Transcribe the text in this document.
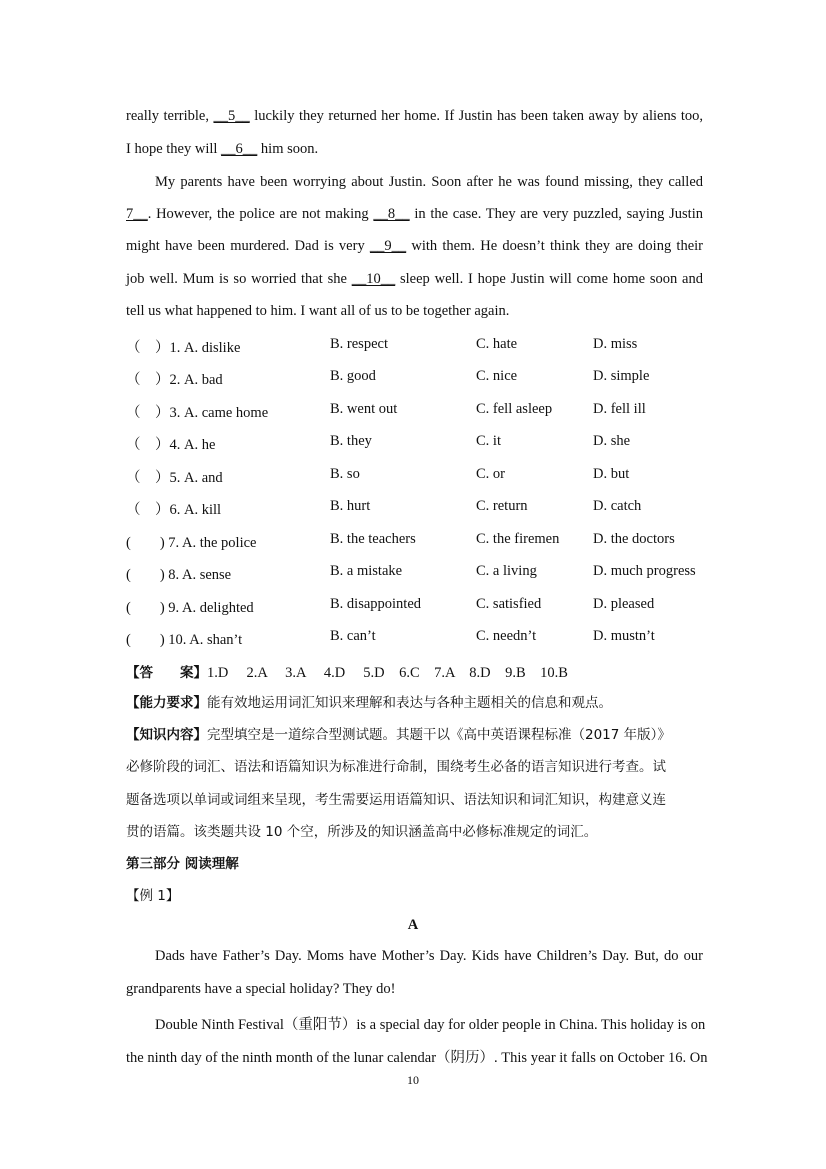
really terrible, __5__ luckily they returned her home. If Justin has been taken away by aliens too,
I hope they will __6__ him soon.
My parents have been worrying about Justin. Soon after he was found missing, they called
7__. However, the police are not making __8__ in the case. They are very puzzled, saying Justin
might have been murdered. Dad is very __9__ with them. He doesn’t think they are doing their
job well. Mum is so worried that she __10__ sleep well. I hope Justin will come home soon and
tell us what happened to him. I want all of us to be together again.
（　）1. A. dislike	B. respect	C. hate	D. miss
（　）2. A. bad	B. good	C. nice	D. simple
（　）3. A. came home	B. went out	C. fell asleep	D. fell ill
（　）4. A. he	B. they	C. it	D. she
（　）5. A. and	B. so	C. or	D. but
（　）6. A. kill	B. hurt	C. return	D. catch
(　　) 7. A. the police	B. the teachers	C. the firemen D. the doctors
(　　) 8. A. sense	B. a mistake	C. a living	D. much progress
(　　) 9. A. delighted	B. disappointed	C. satisfied	D. pleased
(　　) 10. A. shan’t	B. can’t	C. needn’t	D. mustn’t
【答　　案】1.D　 2.A　 3.A　 4.D　 5.D　6.C　7.A　8.D　9.B　10.B
【能力要求】能有效地运用词汇知识来理解和表达与各种主题相关的信息和观点。
【知识内容】完型填空是一道综合型测试题。其题干以《高中英语课程标准（2017 年版）》
必修阶段的词汇、语法和语篇知识为标准进行命制，围绕考生必备的语言知识进行考查。试
题备选项以单词或词组来呈现，考生需要运用语篇知识、语法知识和词汇知识，构建意义连
贯的语篇。该类题共设 10 个空，所涉及的知识涵盖高中必修标准规定的词汇。
第三部分 阅读理解
【例 1】
A
Dads have Father’s Day. Moms have Mother’s Day. Kids have Children’s Day. But, do our
grandparents have a special holiday? They do!
Double Ninth Festival（重阳节）is a special day for older people in China. This holiday is on
the ninth day of the ninth month of the lunar calendar（阴历）. This year it falls on October 16. On
10
